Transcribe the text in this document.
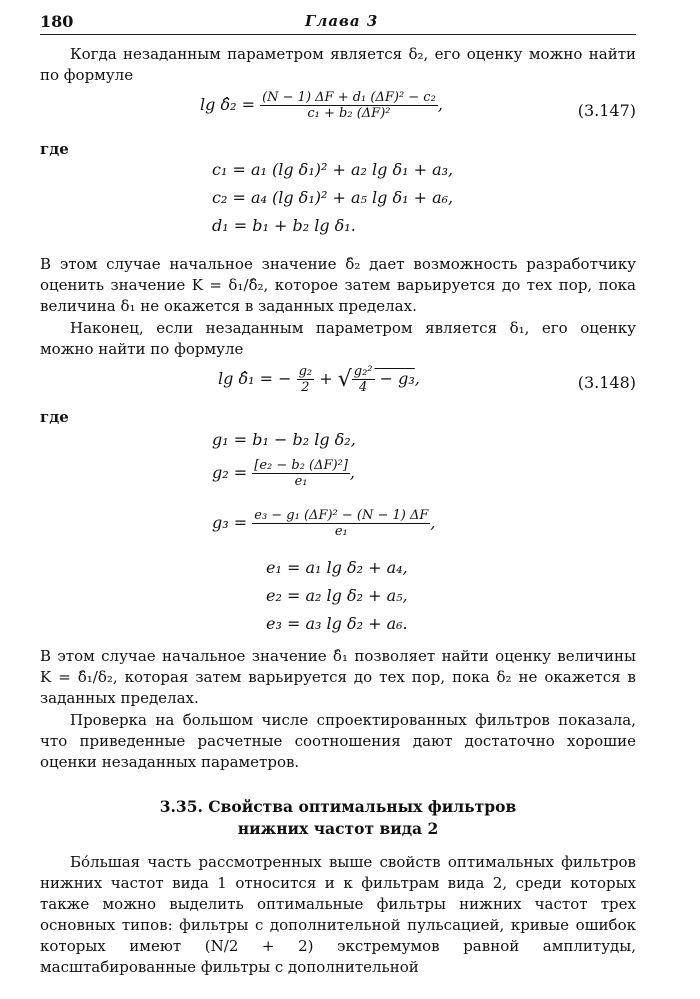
180	Глава 3
Когда незаданным параметром является δ₂, его оценку можно найти по формуле
lg δ̂₂ = $\frac{\text{(N − 1) ΔF + d₁ (ΔF)² − c₂}}{\text{c₁ + b₂ (ΔF)²}}$ ,	(3.147)
где
c₁ = a₁ (lg δ₁)² + a₂ lg δ₁ + a₃,
c₂ = a₄ (lg δ₁)² + a₅ lg δ₁ + a₆,
d₁ = b₁ + b₂ lg δ₁.
В этом случае начальное значение δ̂₂ дает возможность разработчику оценить значение K = δ₁/δ̂₂, которое затем варьируется до тех пор, пока величина δ₁ не окажется в заданных пределах.
Наконец, если незаданным параметром является δ₁, его оценку можно найти по формуле
lg δ̂₁ = − $\frac{\text{g₂}}{2}$ + √ $\frac{\text{g₂²}}{4} - g_3$,	(3.148)
где
g₁ = b₁ − b₂ lg δ₂,
$g_2 = \frac{\text{[e₂ − b₂ (ΔF)²]}}{\text{e₁}}$ ,
$g_3 = \frac{\text{e₃ − g₁ (ΔF)² − (N − 1) ΔF}}{\text{e₁}}$ ,
e₁ = a₁ lg δ₂ + a₄,
e₂ = a₂ lg δ₂ + a₅,
e₃ = a₃ lg δ₂ + a₆.
В этом случае начальное значение δ̂₁ позволяет найти оценку величины K = δ̂₁/δ₂, которая затем варьируется до тех пор, пока δ₂ не окажется в заданных пределах.
Проверка на большом числе спроектированных фильтров показала, что приведенные расчетные соотношения дают достаточно хорошие оценки незаданных параметров.
3.35. Свойства оптимальных фильтров
нижних частот вида 2
Бо́льшая часть рассмотренных выше свойств оптимальных фильтров нижних частот вида 1 относится и к фильтрам вида 2, среди которых также можно выделить оптимальные фильтры нижних частот трех основных типов: фильтры с дополнительной пульсацией, кривые ошибок которых имеют (N/2 + 2) экстремумов равной амплитуды, масштабированные фильтры с дополнительной
